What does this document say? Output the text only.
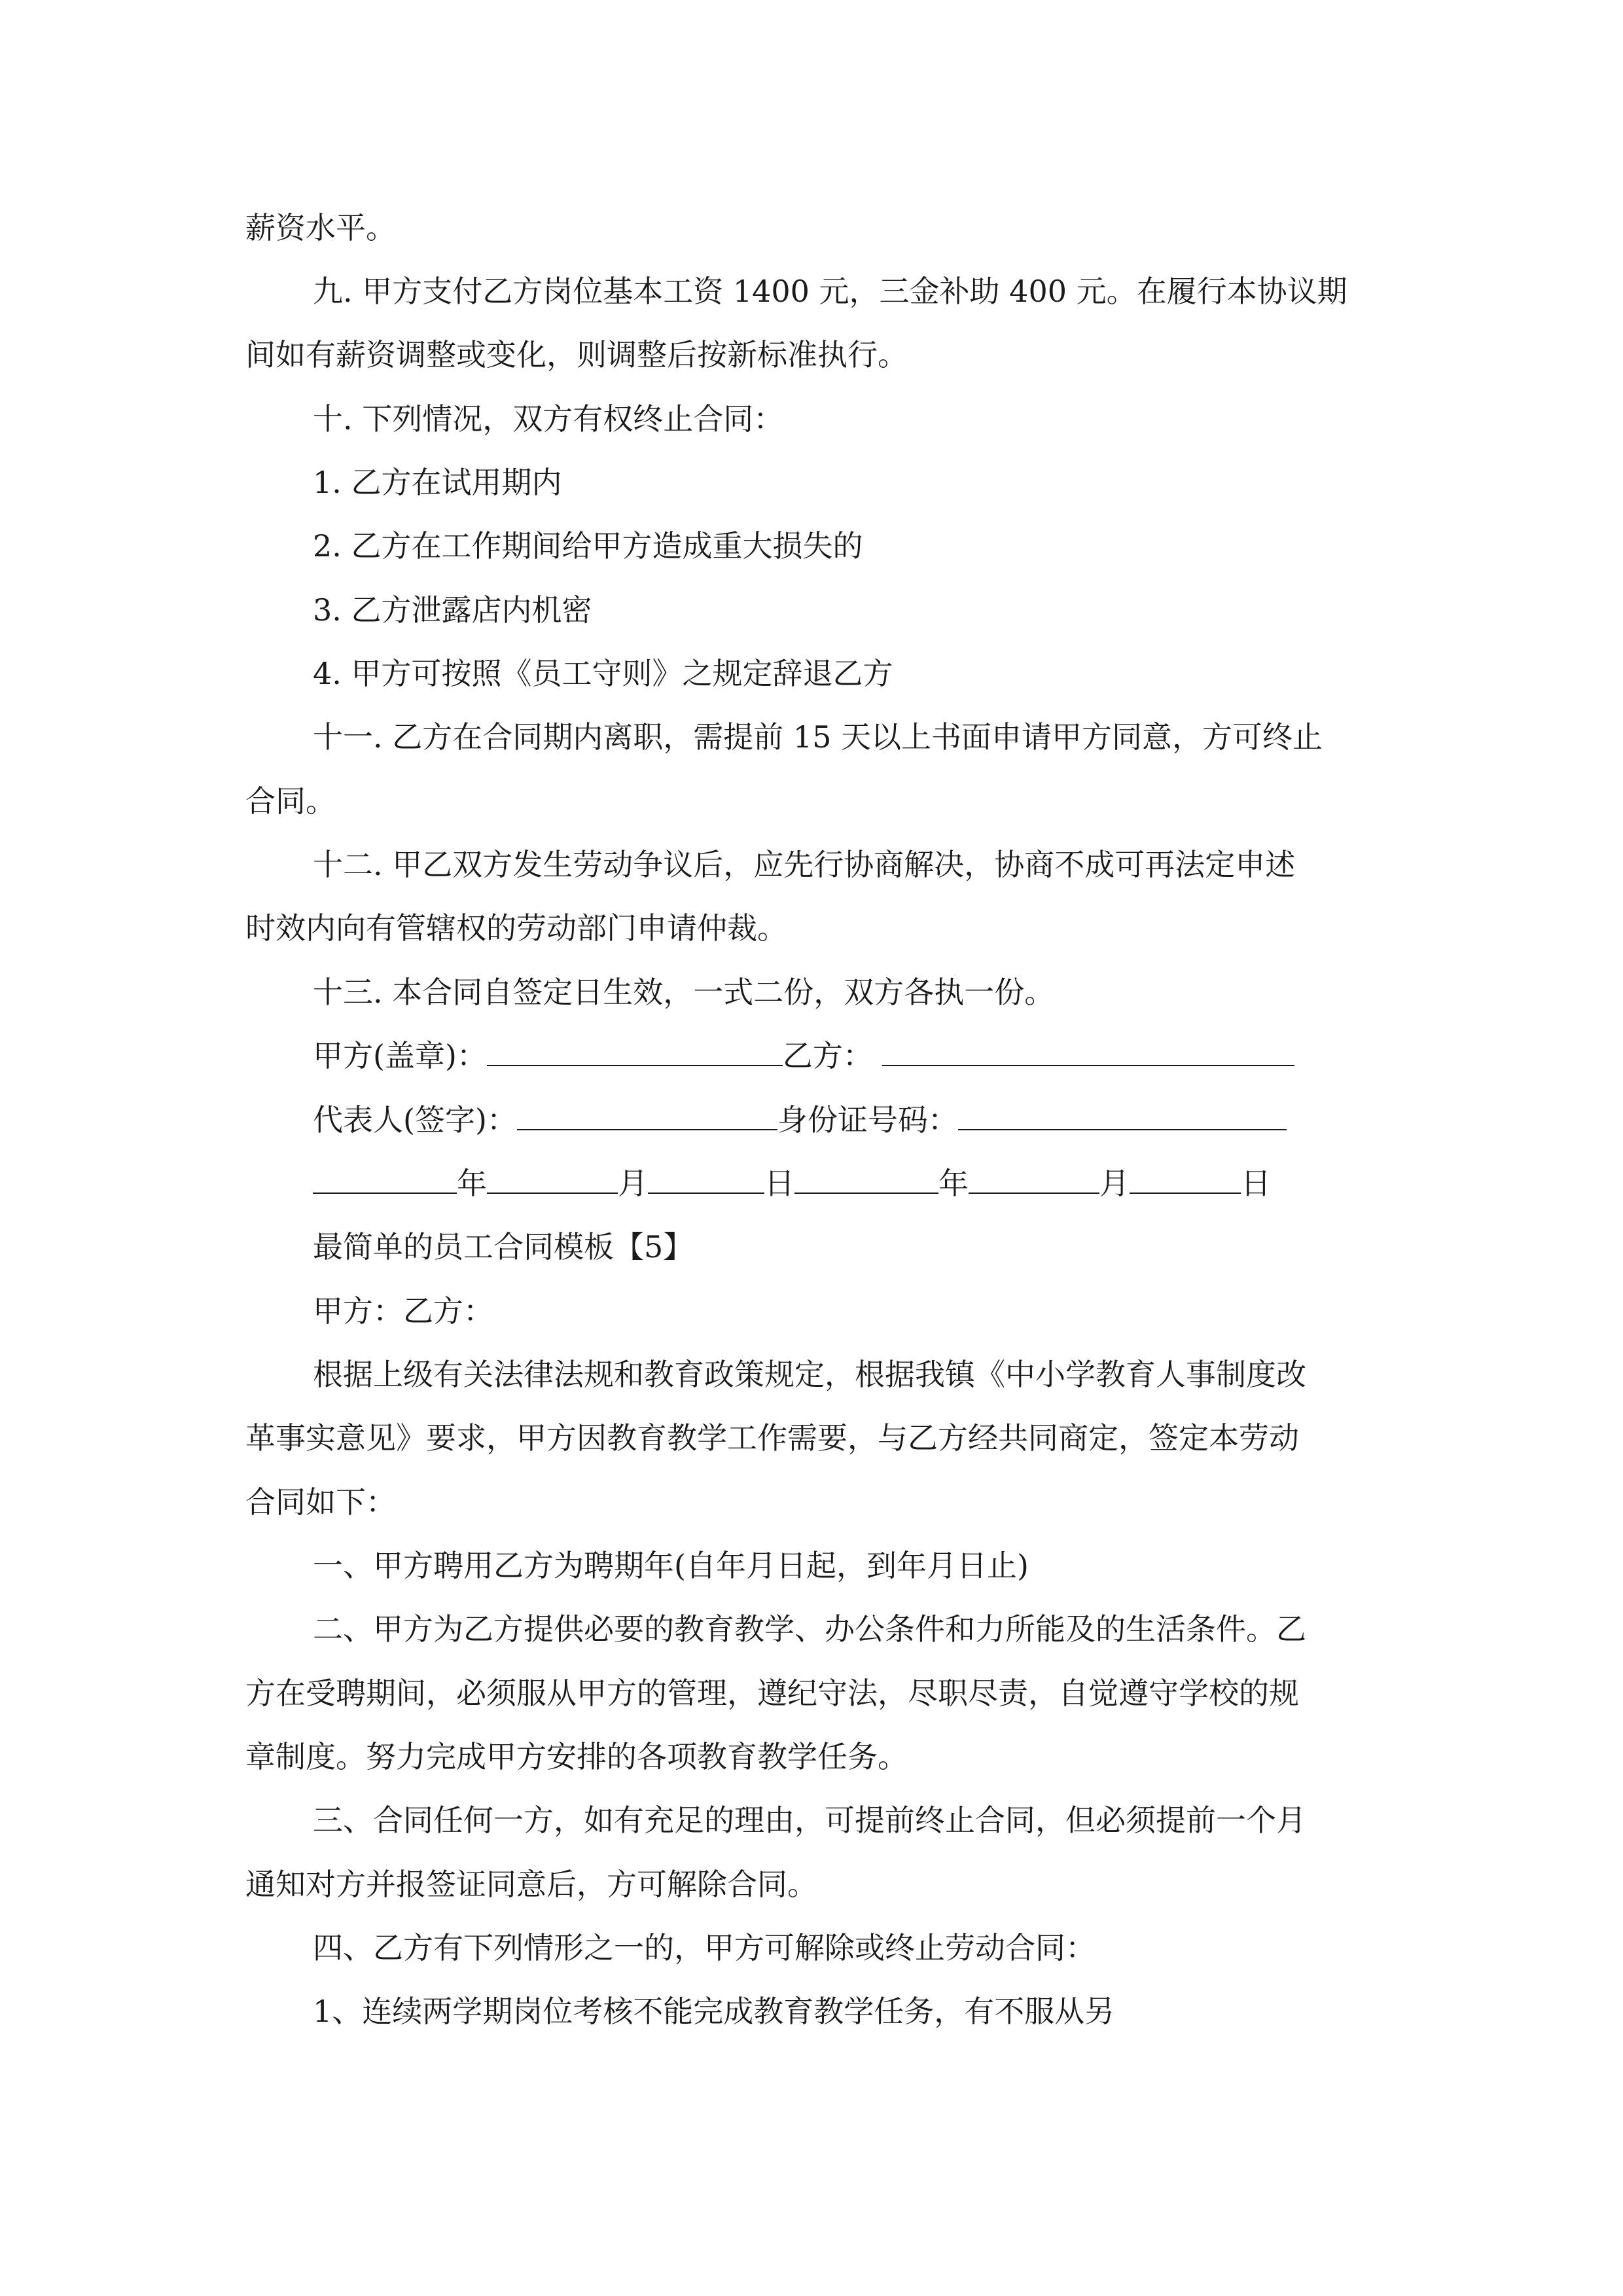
薪资水平。
九. 甲方支付乙方岗位基本工资 1400 元，三金补助 400 元。在履行本协议期
间如有薪资调整或变化，则调整后按新标准执行。
十. 下列情况，双方有权终止合同：
1. 乙方在试用期内
2. 乙方在工作期间给甲方造成重大损失的
3. 乙方泄露店内机密
4. 甲方可按照《员工守则》之规定辞退乙方
十一. 乙方在合同期内离职，需提前 15 天以上书面申请甲方同意，方可终止
合同。
十二. 甲乙双方发生劳动争议后，应先行协商解决，协商不成可再法定申述
时效内向有管辖权的劳动部门申请仲裁。
十三. 本合同自签定日生效，一式二份，双方各执一份。
甲方(盖章)：	乙方：
代表人(签字)：	身份证号码：
年	月	日	年	月	日
最简单的员工合同模板【5】
甲方：乙方：
根据上级有关法律法规和教育政策规定，根据我镇《中小学教育人事制度改
革事实意见》要求，甲方因教育教学工作需要，与乙方经共同商定，签定本劳动
合同如下：
一、甲方聘用乙方为聘期年(自年月日起，到年月日止)
二、甲方为乙方提供必要的教育教学、办公条件和力所能及的生活条件。乙
方在受聘期间，必须服从甲方的管理，遵纪守法，尽职尽责，自觉遵守学校的规
章制度。努力完成甲方安排的各项教育教学任务。
三、合同任何一方，如有充足的理由，可提前终止合同，但必须提前一个月
通知对方并报签证同意后，方可解除合同。
四、乙方有下列情形之一的，甲方可解除或终止劳动合同：
1、连续两学期岗位考核不能完成教育教学任务，有不服从另
